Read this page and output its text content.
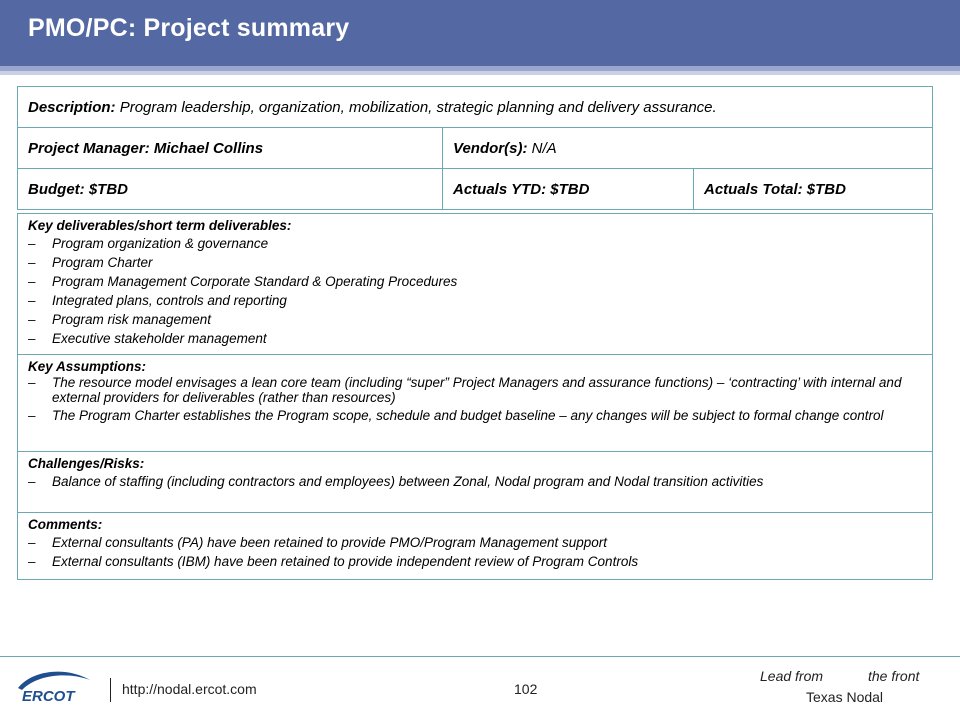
PMO/PC: Project summary
Description: Program leadership, organization, mobilization, strategic planning and delivery assurance.		
Project Manager: Michael Collins	Vendor(s): N/A	
Budget: $TBD	Actuals YTD: $TBD	Actuals Total: $TBD
Key deliverables/short term deliverables:
– Program organization & governance
– Program Charter
– Program Management Corporate Standard & Operating Procedures
– Integrated plans, controls and reporting
– Program risk management
– Executive stakeholder management

Key Assumptions:
– The resource model envisages a lean core team (including “super” Project Managers and assurance functions) – ‘contracting’ with internal and external providers for deliverables (rather than resources)
– The Program Charter establishes the Program scope, schedule and budget baseline – any changes will be subject to formal change control

Challenges/Risks:
– Balance of staffing (including contractors and employees) between Zonal, Nodal program and Nodal transition activities

Comments:
– External consultants (PA) have been retained to provide PMO/Program Management support
– External consultants (IBM) have been retained to provide independent review of Program Controls
ERCOT	http://nodal.ercot.com	102
Lead from	the front
Texas Nodal
